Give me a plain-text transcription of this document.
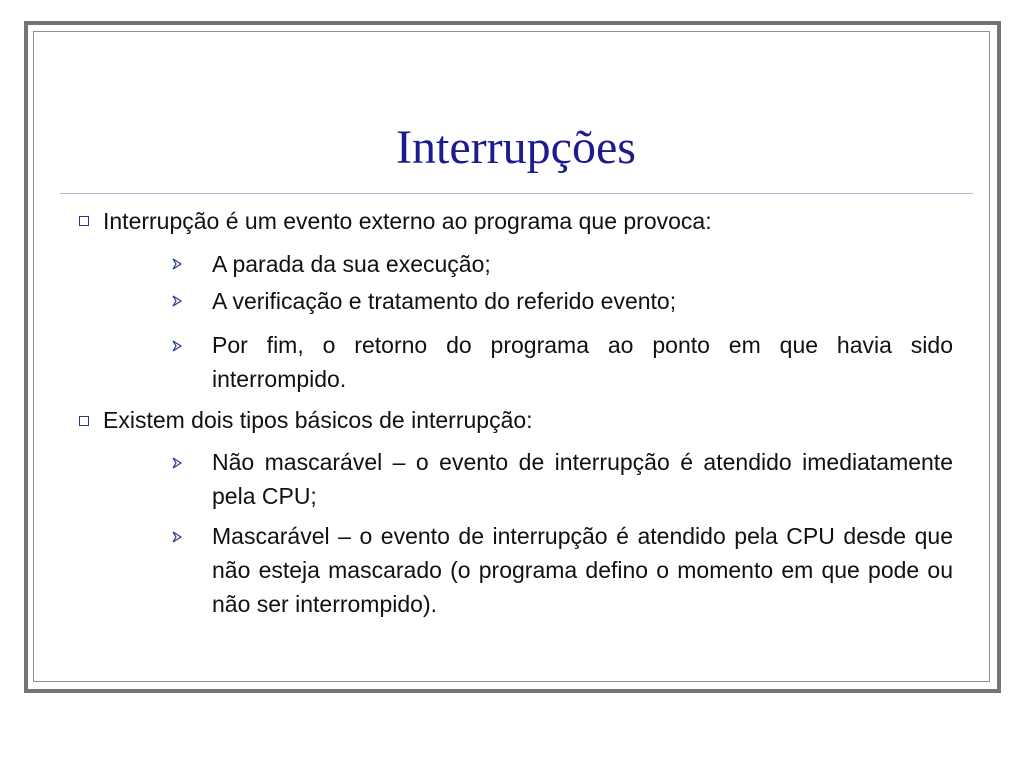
Interrupções
Interrupção é um evento externo ao programa que provoca:
A parada da sua execução;
A verificação e tratamento do referido evento;
Por fim, o retorno do programa ao ponto em que havia sido interrompido.
Existem dois tipos básicos de interrupção:
Não mascarável – o evento de interrupção é atendido imediatamente pela CPU;
Mascarável – o evento de interrupção é atendido pela CPU desde que não esteja mascarado (o programa defino o momento em que pode ou não ser interrompido).
